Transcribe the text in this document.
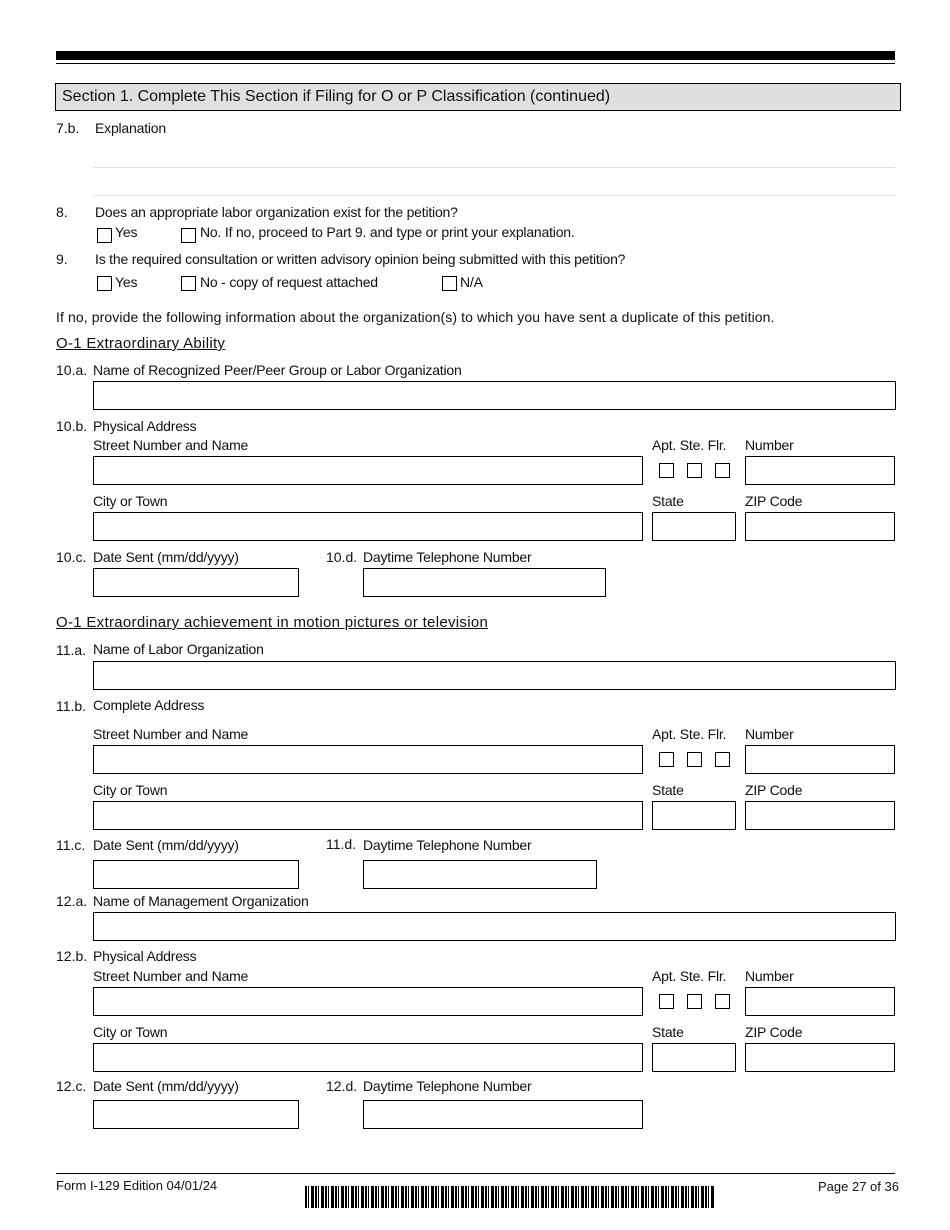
Section 1. Complete This Section if Filing for O or P Classification (continued)
7.b. Explanation
8. Does an appropriate labor organization exist for the petition?
Yes	No. If no, proceed to Part 9. and type or print your explanation.
9. Is the required consultation or written advisory opinion being submitted with this petition?
Yes	No - copy of request attached	N/A
If no, provide the following information about the organization(s) to which you have sent a duplicate of this petition.
O-1 Extraordinary Ability
10.a. Name of Recognized Peer/Peer Group or Labor Organization
10.b. Physical Address
Street Number and Name	Apt. Ste. Flr. Number
City or Town	State	ZIP Code
10.c. Date Sent (mm/dd/yyyy)	10.d. Daytime Telephone Number
O-1 Extraordinary achievement in motion pictures or television
11.a. Name of Labor Organization
11.b. Complete Address
Street Number and Name	Apt. Ste. Flr. Number
City or Town	State	ZIP Code
11.c. Date Sent (mm/dd/yyyy)	11.d. Daytime Telephone Number
12.a. Name of Management Organization
12.b. Physical Address
Street Number and Name	Apt. Ste. Flr. Number
City or Town	State	ZIP Code
12.c. Date Sent (mm/dd/yyyy)	12.d. Daytime Telephone Number
Form I-129 Edition 04/01/24	Page 27 of 36
